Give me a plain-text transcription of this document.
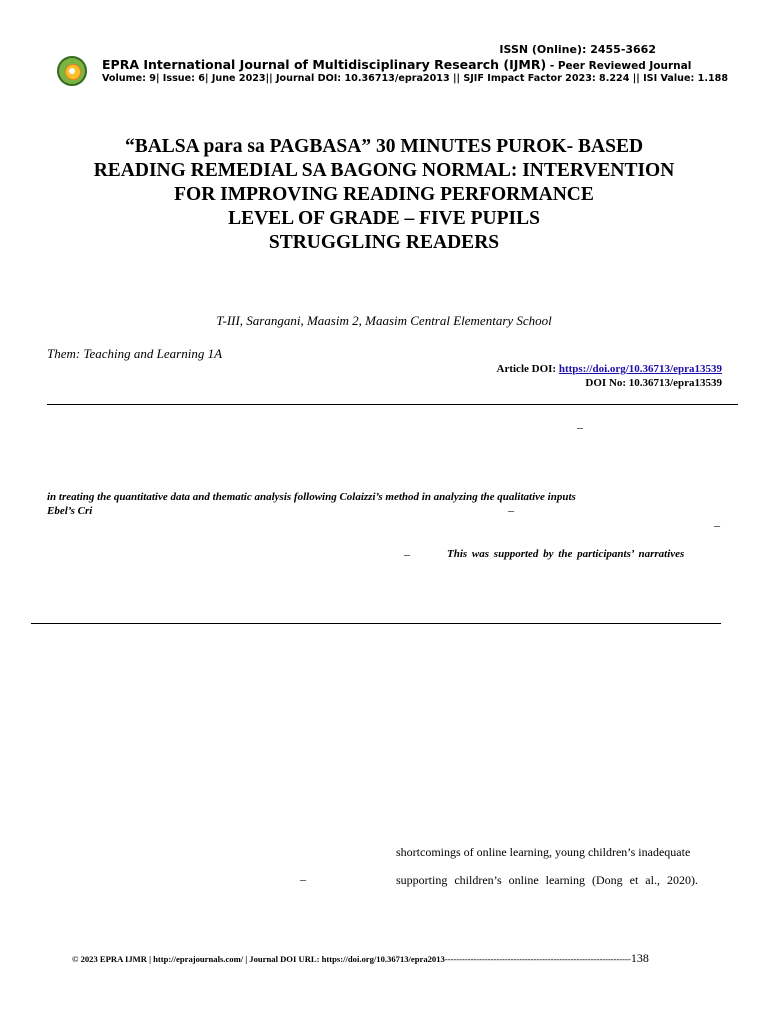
ISSN (Online): 2455-3662
EPRA International Journal of Multidisciplinary Research (IJMR) - Peer Reviewed Journal
Volume: 9| Issue: 6| June 2023|| Journal DOI: 10.36713/epra2013 || SJIF Impact Factor 2023: 8.224 || ISI Value: 1.188
“BALSA para sa PAGBASA” 30 MINUTES PUROK- BASED
READING REMEDIAL SA BAGONG NORMAL: INTERVENTION
FOR IMPROVING READING PERFORMANCE
LEVEL OF GRADE – FIVE PUPILS
STRUGGLING READERS
T-III, Sarangani, Maasim 2, Maasim Central Elementary School
Them: Teaching and Learning 1A
Article DOI: https://doi.org/10.36713/epra13539
DOI No: 10.36713/epra13539
–
in treating the quantitative data and thematic analysis following Colaizzi’s method in analyzing the qualitative inputs
Ebel’s Cri	–
–
–	This was supported by the participants’ narratives
shortcomings of online learning, young children’s inadequate
–	supporting children’s online learning (Dong et al., 2020).
© 2023 EPRA IJMR | http://eprajournals.com/ | Journal DOI URL: https://doi.org/10.36713/epra2013-----------------------------------------------------------------138
